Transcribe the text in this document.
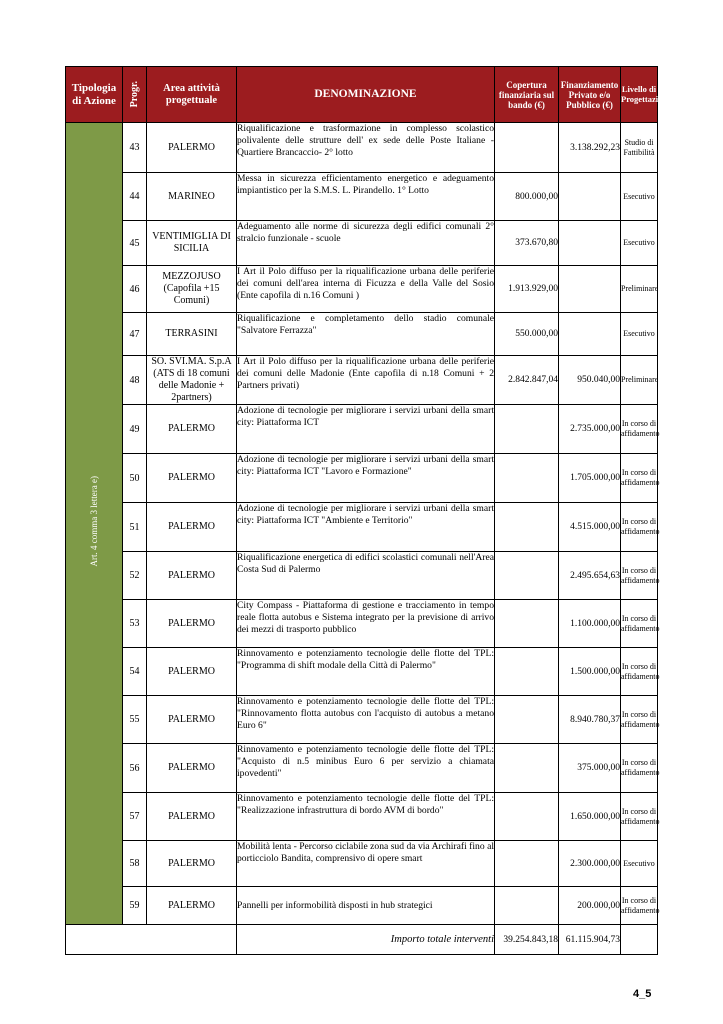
Tipologia di Azione	Progr.	Area attività progettuale	DENOMINAZIONE	Copertura finanziaria sul bando (€)	Finanziamento Privato e/o Pubblico (€)	Livello di Progettazione
Art. 4 comma 3 lettera e)	43	PALERMO	Riqualificazione e trasformazione in complesso scolastico polivalente delle strutture dell' ex sede delle Poste Italiane - Quartiere Brancaccio- 2° lotto		3.138.292,23	Studio di Fattibilità
	44	MARINEO	Messa in sicurezza efficientamento energetico e adeguamento impiantistico per la S.M.S. L. Pirandello. 1° Lotto	800.000,00		Esecutivo
	45	VENTIMIGLIA DI SICILIA	Adeguamento alle norme di sicurezza degli edifici comunali 2° stralcio funzionale - scuole	373.670,80		Esecutivo
	46	MEZZOJUSO (Capofila +15 Comuni)	I Art il Polo diffuso per la riqualificazione urbana delle periferie dei comuni dell'area interna di Ficuzza e della Valle del Sosio (Ente capofila di n.16 Comuni )	1.913.929,00		Preliminare
	47	TERRASINI	Riqualificazione e completamento dello stadio comunale "Salvatore Ferrazza"	550.000,00		Esecutivo
	48	SO. SVI.MA. S.p.A (ATS di 18 comuni delle Madonie + 2partners)	I Art il Polo diffuso per la riqualificazione urbana delle periferie dei comuni delle Madonie (Ente capofila di n.18 Comuni + 2 Partners privati)	2.842.847,04	950.040,00	Preliminare
	49	PALERMO	Adozione di tecnologie per migliorare i servizi urbani della smart city: Piattaforma ICT		2.735.000,00	In corso di affidamento
	50	PALERMO	Adozione di tecnologie per migliorare i servizi urbani della smart city: Piattaforma ICT "Lavoro e Formazione"		1.705.000,00	In corso di affidamento
	51	PALERMO	Adozione di tecnologie per migliorare i servizi urbani della smart city: Piattaforma ICT "Ambiente e Territorio"		4.515.000,00	In corso di affidamento
	52	PALERMO	Riqualificazione energetica di edifici scolastici comunali nell'Area Costa Sud di Palermo		2.495.654,63	In corso di affidamento
	53	PALERMO	City Compass - Piattaforma di gestione e tracciamento in tempo reale flotta autobus e Sistema integrato per la previsione di arrivo dei mezzi di trasporto pubblico		1.100.000,00	In corso di affidamento
	54	PALERMO	Rinnovamento e potenziamento tecnologie delle flotte del TPL: "Programma di shift modale della Città di Palermo"		1.500.000,00	In corso di affidamento
	55	PALERMO	Rinnovamento e potenziamento tecnologie delle flotte del TPL: "Rinnovamento flotta autobus con l'acquisto di autobus a metano Euro 6"		8.940.780,37	In corso di affidamento
	56	PALERMO	Rinnovamento e potenziamento tecnologie delle flotte del TPL: "Acquisto di n.5 minibus Euro 6 per servizio a chiamata ipovedenti"		375.000,00	In corso di affidamento
	57	PALERMO	Rinnovamento e potenziamento tecnologie delle flotte del TPL: "Realizzazione infrastruttura di bordo AVM di bordo"		1.650.000,00	In corso di affidamento
	58	PALERMO	Mobilità lenta - Percorso ciclabile zona sud da via Archirafi fino al porticciolo Bandita, comprensivo di opere smart		2.300.000,00	Esecutivo
	59	PALERMO	Pannelli per informobilità disposti in hub strategici		200.000,00	In corso di affidamento
			Importo totale interventi	39.254.843,18	61.115.904,73	
4_5
